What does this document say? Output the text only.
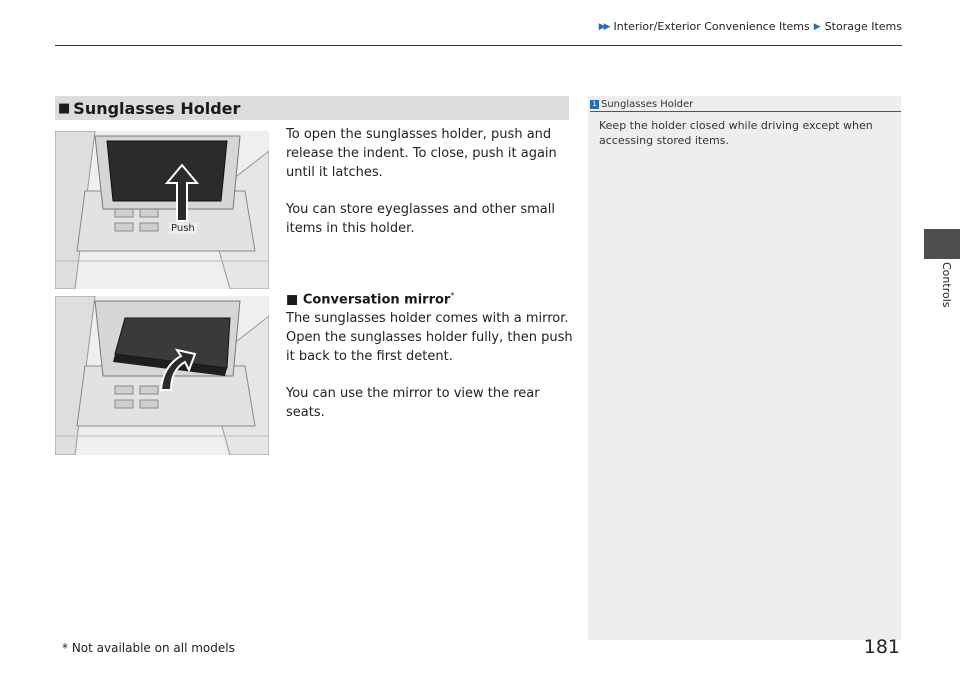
▶▶ Interior/Exterior Convenience Items ▶ Storage Items
Controls
■ Sunglasses Holder	1 Sunglasses Holder
Keep the holder closed while driving except when accessing stored items.
Push
To open the sunglasses holder, push and release the indent. To close, push it again until it latches.
You can store eyeglasses and other small items in this holder.
■ Conversation mirror*
The sunglasses holder comes with a mirror. Open the sunglasses holder fully, then push it back to the first detent.
You can use the mirror to view the rear seats.
* Not available on all models	181
